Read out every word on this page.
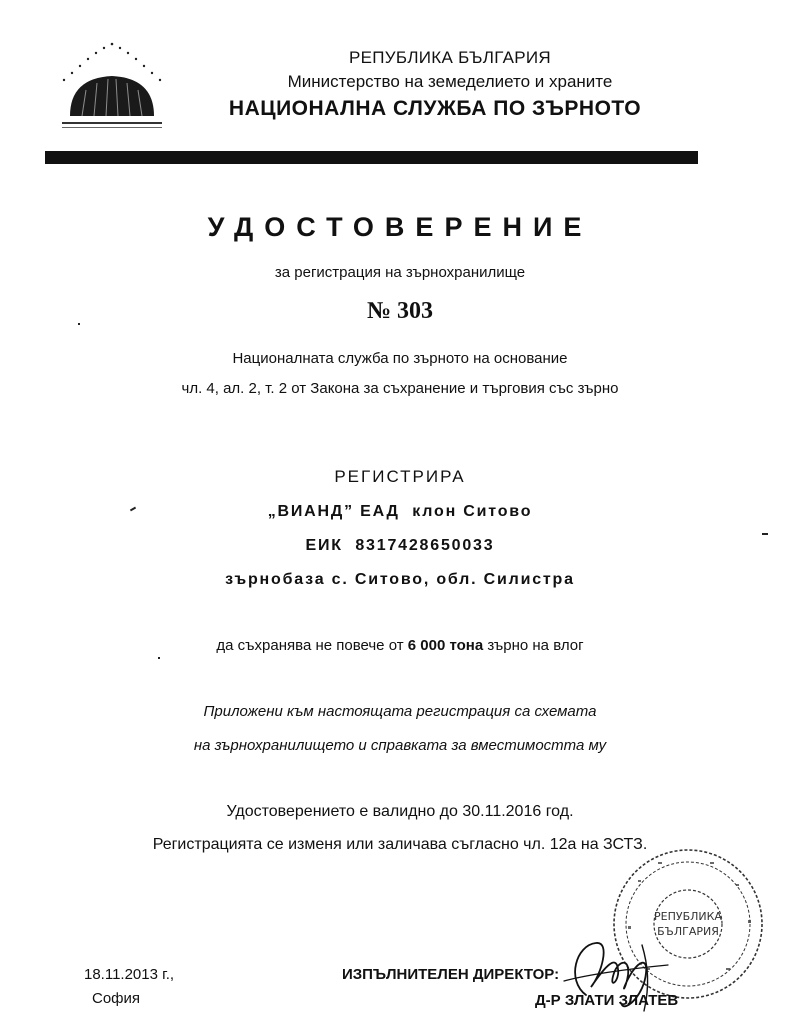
РЕПУБЛИКА БЪЛГАРИЯ
Министерство на земеделието и храните
НАЦИОНАЛНА СЛУЖБА ПО ЗЪРНОТО
УДОСТОВЕРЕНИЕ
за регистрация на зърнохранилище
№ 303
Националната служба по зърното на основание
чл. 4, ал. 2, т. 2 от Закона за съхранение и търговия със зърно
РЕГИСТРИРА
„ВИАНД” ЕАД  клон Ситово
ЕИК  8317428650033
зърнобаза с. Ситово, обл. Силистра
да съхранява не повече от 6 000 тона зърно на влог
Приложени към настоящата регистрация са схемата
на зърнохранилището и справката за вместимостта му
Удостоверението е валидно до 30.11.2016 год.
Регистрацията се изменя или заличава съгласно чл. 12а на ЗСТЗ.
РЕПУБЛИКА
БЪЛГАРИЯ
18.11.2013 г.,
София
ИЗПЪЛНИТЕЛЕН ДИРЕКТОР:
Д-Р ЗЛАТИ ЗЛАТЕВ
